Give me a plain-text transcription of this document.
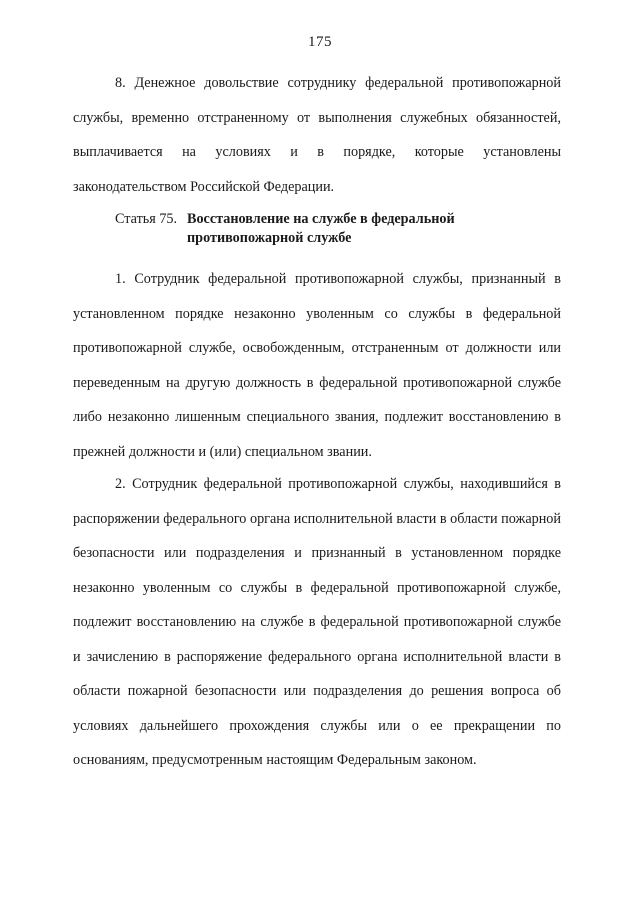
175

8. Денежное довольствие сотруднику федеральной противопожарной службы, временно отстраненному от выполнения служебных обязанностей, выплачивается на условиях и в порядке, которые установлены законодательством Российской Федерации.

Статья 75. Восстановление на службе в федеральной
противопожарной службе

1. Сотрудник федеральной противопожарной службы, признанный в установленном порядке незаконно уволенным со службы в федеральной противопожарной службе, освобожденным, отстраненным от должности или переведенным на другую должность в федеральной противопожарной службе либо незаконно лишенным специального звания, подлежит восстановлению в прежней должности и (или) специальном звании.

2. Сотрудник федеральной противопожарной службы, находившийся в распоряжении федерального органа исполнительной власти в области пожарной безопасности или подразделения и признанный в установленном порядке незаконно уволенным со службы в федеральной противопожарной службе, подлежит восстановлению на службе в федеральной противопожарной службе и зачислению в распоряжение федерального органа исполнительной власти в области пожарной безопасности или подразделения до решения вопроса об условиях дальнейшего прохождения службы или о ее прекращении по основаниям, предусмотренным настоящим Федеральным законом.
